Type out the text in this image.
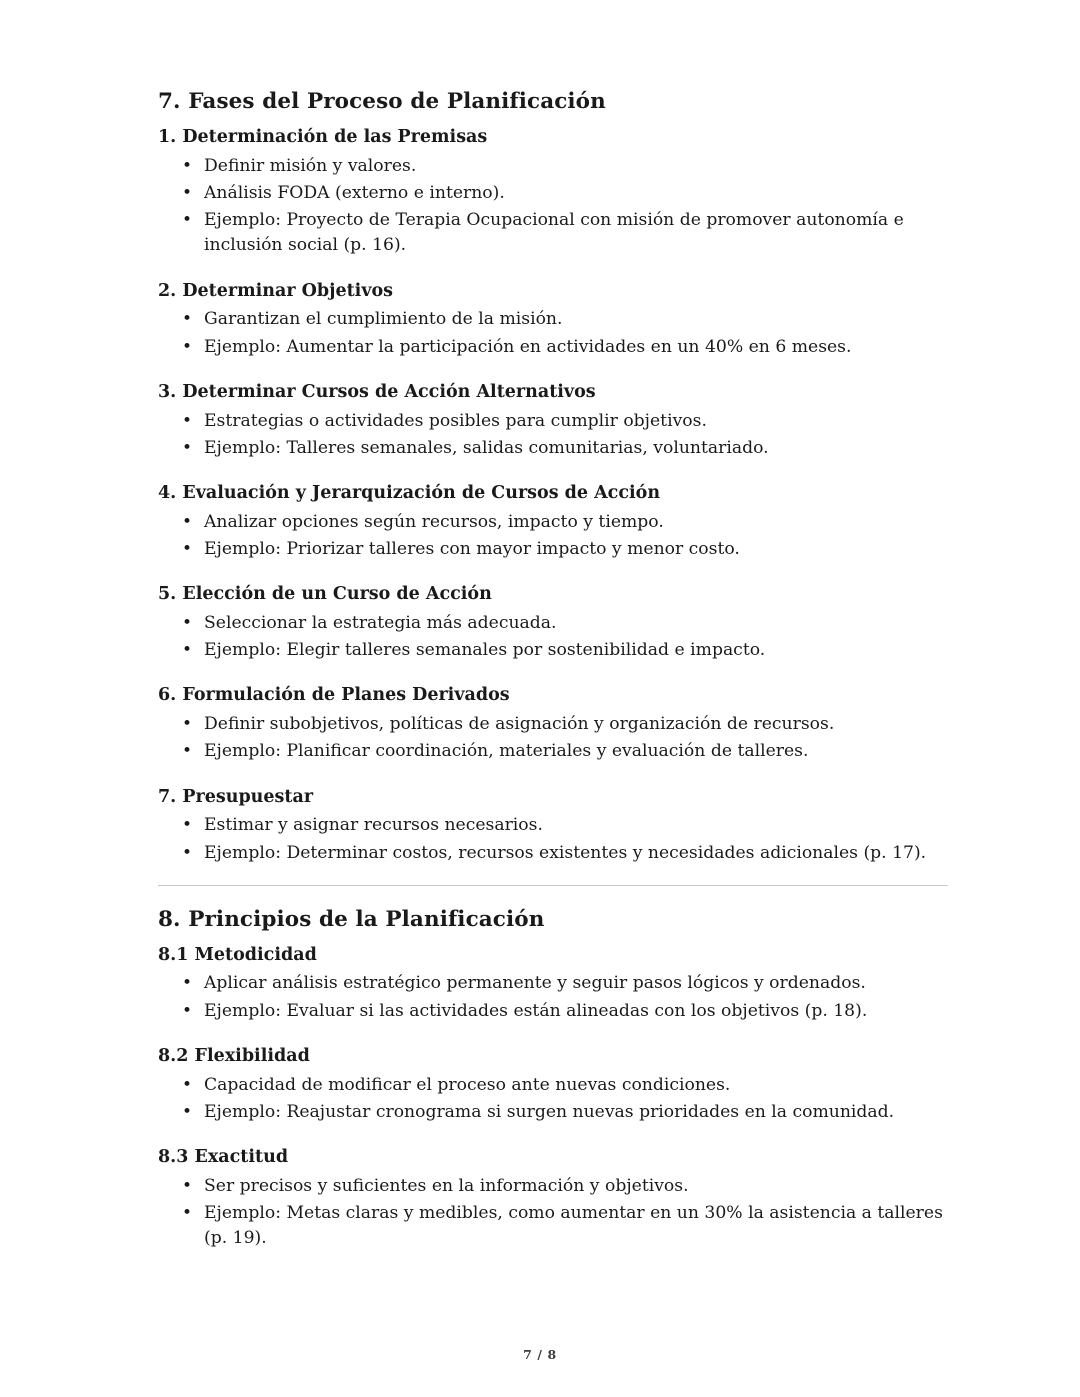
7. Fases del Proceso de Planificación
1. Determinación de las Premisas
• Definir misión y valores.
• Análisis FODA (externo e interno).
• Ejemplo: Proyecto de Terapia Ocupacional con misión de promover autonomía e inclusión social (p. 16).
2. Determinar Objetivos
• Garantizan el cumplimiento de la misión.
• Ejemplo: Aumentar la participación en actividades en un 40% en 6 meses.
3. Determinar Cursos de Acción Alternativos
• Estrategias o actividades posibles para cumplir objetivos.
• Ejemplo: Talleres semanales, salidas comunitarias, voluntariado.
4. Evaluación y Jerarquización de Cursos de Acción
• Analizar opciones según recursos, impacto y tiempo.
• Ejemplo: Priorizar talleres con mayor impacto y menor costo.
5. Elección de un Curso de Acción
• Seleccionar la estrategia más adecuada.
• Ejemplo: Elegir talleres semanales por sostenibilidad e impacto.
6. Formulación de Planes Derivados
• Definir subobjetivos, políticas de asignación y organización de recursos.
• Ejemplo: Planificar coordinación, materiales y evaluación de talleres.
7. Presupuestar
• Estimar y asignar recursos necesarios.
• Ejemplo: Determinar costos, recursos existentes y necesidades adicionales (p. 17).
8. Principios de la Planificación
8.1 Metodicidad
• Aplicar análisis estratégico permanente y seguir pasos lógicos y ordenados.
• Ejemplo: Evaluar si las actividades están alineadas con los objetivos (p. 18).
8.2 Flexibilidad
• Capacidad de modificar el proceso ante nuevas condiciones.
• Ejemplo: Reajustar cronograma si surgen nuevas prioridades en la comunidad.
8.3 Exactitud
• Ser precisos y suficientes en la información y objetivos.
• Ejemplo: Metas claras y medibles, como aumentar en un 30% la asistencia a talleres (p. 19).
7 / 8
